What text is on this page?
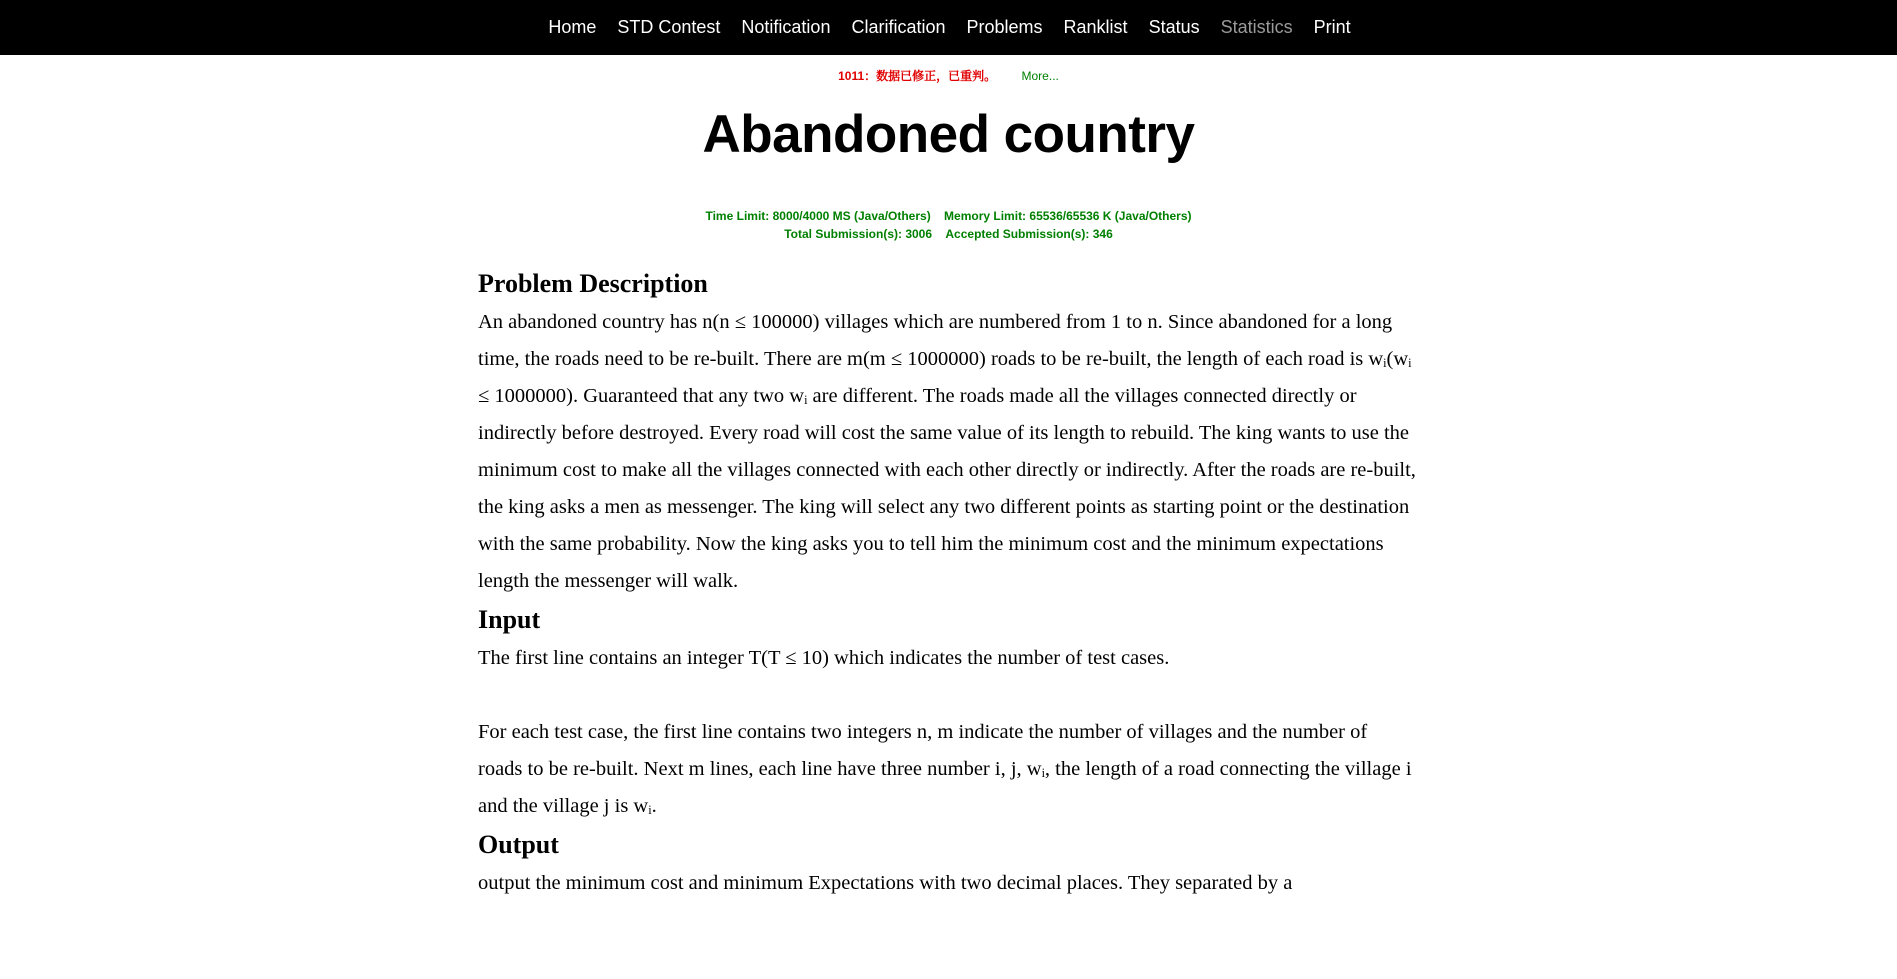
Home	STD Contest	Notification	Clarification	Problems	Ranklist	Status	Statistics	Print
1011：数据已修正，已重判。 More...
Abandoned country
Time Limit: 8000/4000 MS (Java/Others) Memory Limit: 65536/65536 K (Java/Others)
Total Submission(s): 3006 Accepted Submission(s): 346
Problem Description

An abandoned country has n(n ≤ 100000) villages which are numbered from 1 to n. Since abandoned for a long time, the roads need to be re-built. There are m(m ≤ 1000000) roads to be re-built, the length of each road is wᵢ(wᵢ ≤ 1000000). Guaranteed that any two wᵢ are different. The roads made all the villages connected directly or indirectly before destroyed. Every road will cost the same value of its length to rebuild. The king wants to use the minimum cost to make all the villages connected with each other directly or indirectly. After the roads are re-built, the king asks a men as messenger. The king will select any two different points as starting point or the destination with the same probability. Now the king asks you to tell him the minimum cost and the minimum expectations length the messenger will walk.

Input

The first line contains an integer T(T ≤ 10) which indicates the number of test cases.

For each test case, the first line contains two integers n, m indicate the number of villages and the number of roads to be re-built. Next m lines, each line have three number i, j, wᵢ, the length of a road connecting the village i and the village j is wᵢ.

Output

output the minimum cost and minimum Expectations with two decimal places. They separated by a
